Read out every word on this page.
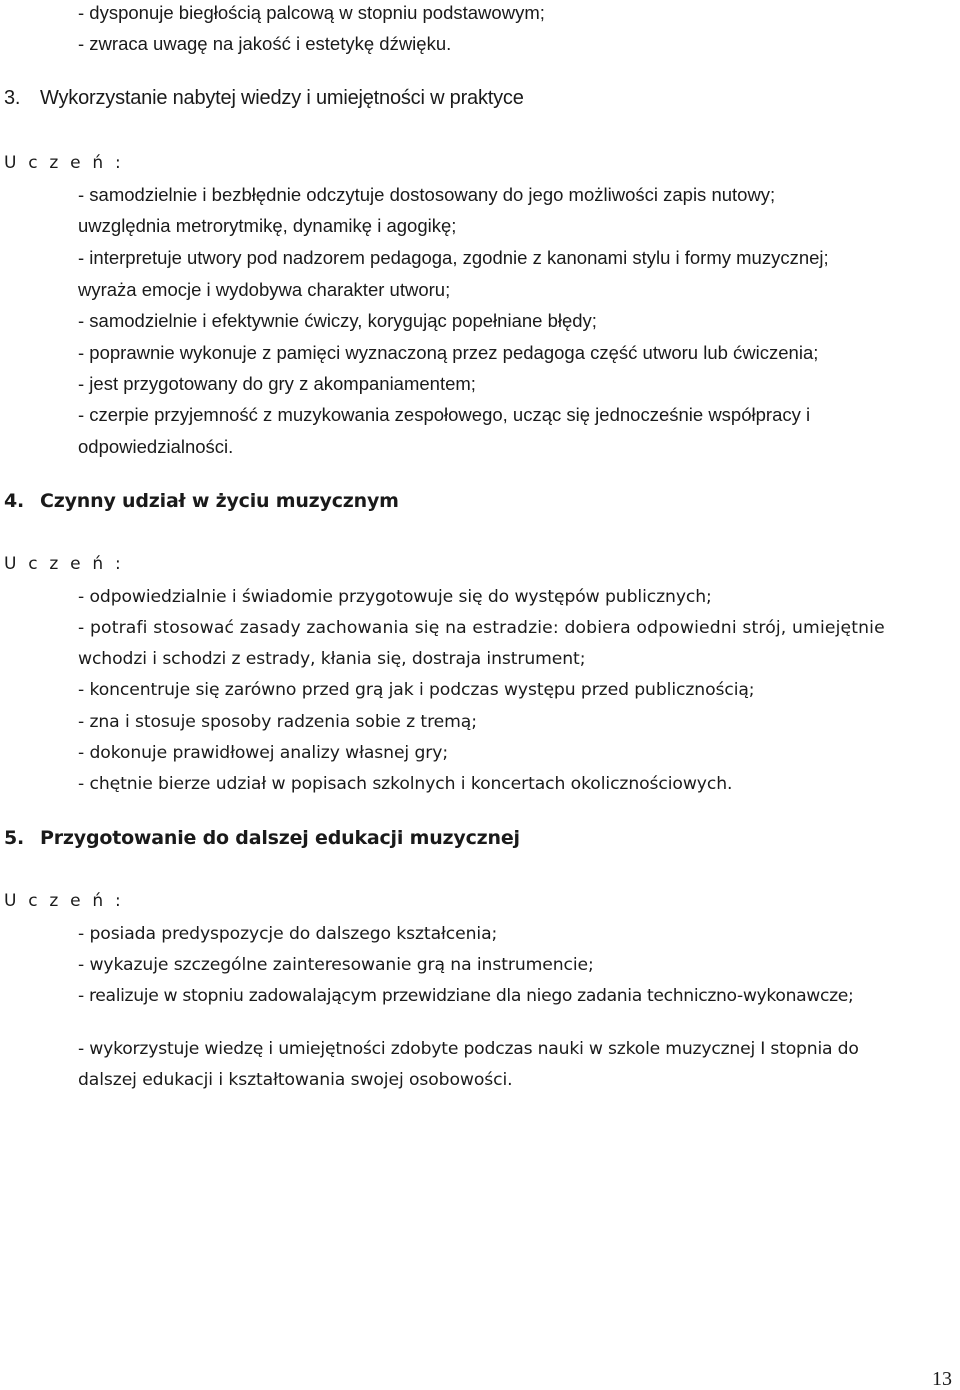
- dysponuje biegłością palcową w stopniu podstawowym;
- zwraca uwagę na jakość i estetykę dźwięku.
3. Wykorzystanie nabytej wiedzy i umiejętności w praktyce
U c z e ń :
- samodzielnie i bezbłędnie odczytuje dostosowany do jego możliwości zapis nutowy;
uwzględnia metrorytmikę, dynamikę i agogikę;
- interpretuje utwory pod nadzorem pedagoga, zgodnie z kanonami stylu i formy muzycznej;
wyraża emocje i wydobywa charakter utworu;
- samodzielnie i efektywnie ćwiczy, korygując popełniane błędy;
- poprawnie wykonuje z pamięci wyznaczoną przez pedagoga część utworu lub ćwiczenia;
- jest przygotowany do gry z akompaniamentem;
- czerpie przyjemność z muzykowania zespołowego, ucząc się jednocześnie współpracy i
odpowiedzialności.
4. Czynny udział w życiu muzycznym
U c z e ń :
- odpowiedzialnie i świadomie przygotowuje się do występów publicznych;
- potrafi stosować zasady zachowania się na estradzie: dobiera odpowiedni strój, umiejętnie
wchodzi i schodzi z estrady, kłania się, dostraja instrument;
- koncentruje się zarówno przed grą jak i podczas występu przed publicznością;
- zna i stosuje sposoby radzenia sobie z tremą;
- dokonuje prawidłowej analizy własnej gry;
- chętnie bierze udział w popisach szkolnych i koncertach okolicznościowych.
5. Przygotowanie do dalszej edukacji muzycznej
U c z e ń :
- posiada predyspozycje do dalszego kształcenia;
- wykazuje szczególne zainteresowanie grą na instrumencie;
- realizuje w stopniu zadowalającym przewidziane dla niego zadania techniczno-wykonawcze;
- wykorzystuje wiedzę i umiejętności zdobyte podczas nauki w szkole muzycznej I stopnia do
dalszej edukacji i kształtowania swojej osobowości.
13
